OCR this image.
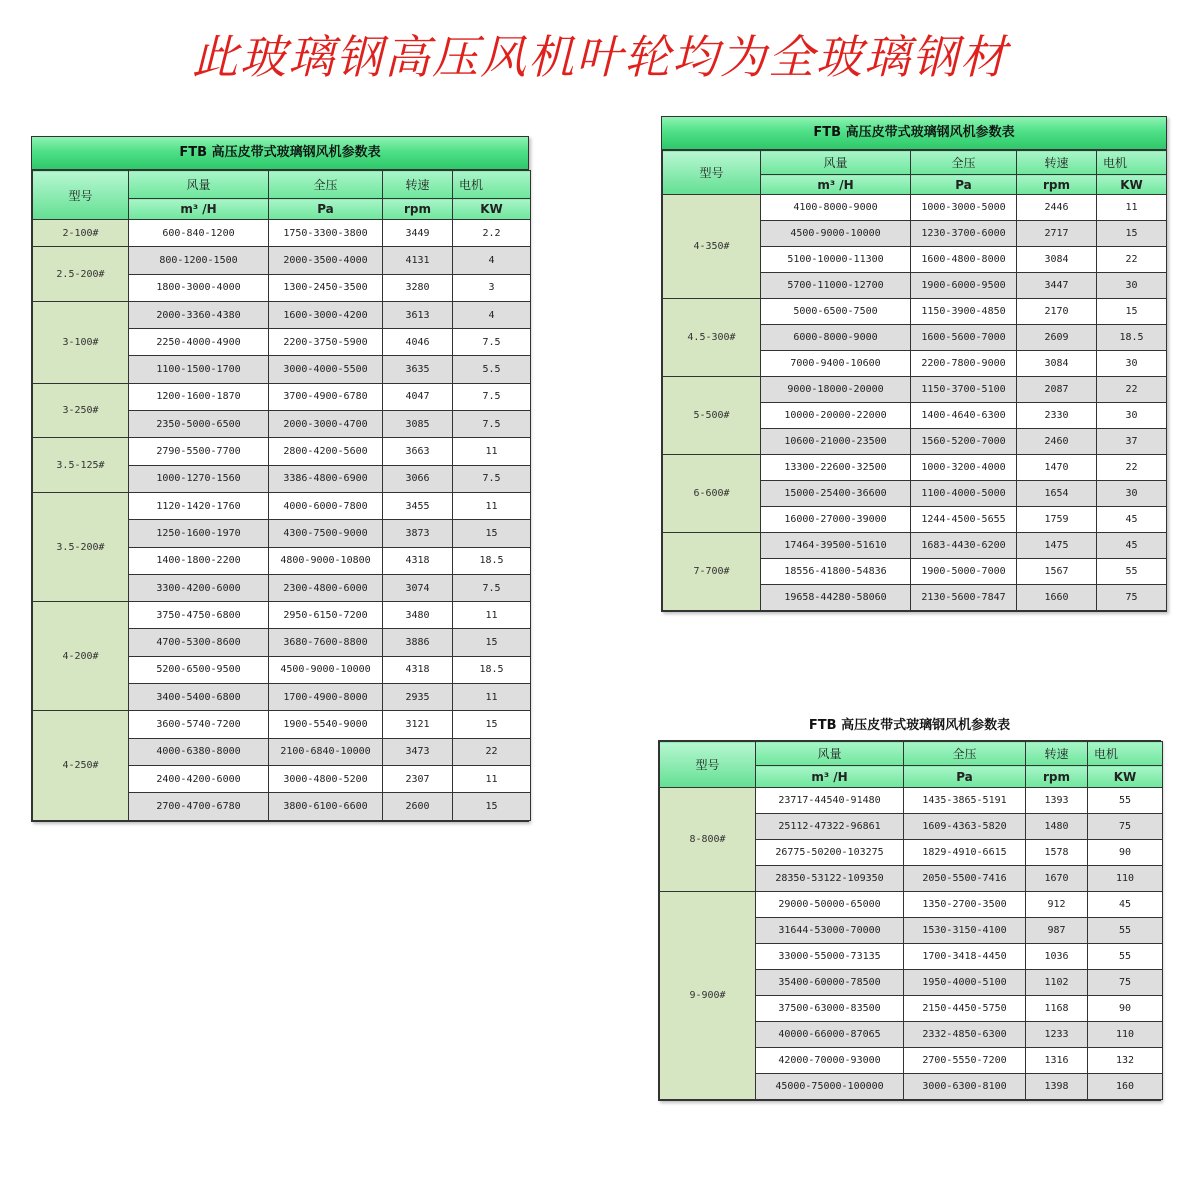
此玻璃钢高压风机叶轮均为全玻璃钢材
FTB 高压皮带式玻璃钢风机参数表
型号	风量	全压	转速	电机
	m³ /H	Pa	rpm	KW
2-100#	600-840-1200	1750-3300-3800	3449	2.2
2.5-200#	800-1200-1500	2000-3500-4000	4131	4
	1800-3000-4000	1300-2450-3500	3280	3
3-100#	2000-3360-4380	1600-3000-4200	3613	4
	2250-4000-4900	2200-3750-5900	4046	7.5
	1100-1500-1700	3000-4000-5500	3635	5.5
3-250#	1200-1600-1870	3700-4900-6780	4047	7.5
	2350-5000-6500	2000-3000-4700	3085	7.5
3.5-125#	2790-5500-7700	2800-4200-5600	3663	11
	1000-1270-1560	3386-4800-6900	3066	7.5
3.5-200#	1120-1420-1760	4000-6000-7800	3455	11
	1250-1600-1970	4300-7500-9000	3873	15
	1400-1800-2200	4800-9000-10800	4318	18.5
	3300-4200-6000	2300-4800-6000	3074	7.5
4-200#	3750-4750-6800	2950-6150-7200	3480	11
	4700-5300-8600	3680-7600-8800	3886	15
	5200-6500-9500	4500-9000-10000	4318	18.5
	3400-5400-6800	1700-4900-8000	2935	11
4-250#	3600-5740-7200	1900-5540-9000	3121	15
	4000-6380-8000	2100-6840-10000	3473	22
	2400-4200-6000	3000-4800-5200	2307	11
	2700-4700-6780	3800-6100-6600	2600	15
FTB 高压皮带式玻璃钢风机参数表
型号	风量	全压	转速	电机
	m³ /H	Pa	rpm	KW
4-350#	4100-8000-9000	1000-3000-5000	2446	11
	4500-9000-10000	1230-3700-6000	2717	15
	5100-10000-11300	1600-4800-8000	3084	22
	5700-11000-12700	1900-6000-9500	3447	30
4.5-300#	5000-6500-7500	1150-3900-4850	2170	15
	6000-8000-9000	1600-5600-7000	2609	18.5
	7000-9400-10600	2200-7800-9000	3084	30
5-500#	9000-18000-20000	1150-3700-5100	2087	22
	10000-20000-22000	1400-4640-6300	2330	30
	10600-21000-23500	1560-5200-7000	2460	37
6-600#	13300-22600-32500	1000-3200-4000	1470	22
	15000-25400-36600	1100-4000-5000	1654	30
	16000-27000-39000	1244-4500-5655	1759	45
7-700#	17464-39500-51610	1683-4430-6200	1475	45
	18556-41800-54836	1900-5000-7000	1567	55
	19658-44280-58060	2130-5600-7847	1660	75
FTB 高压皮带式玻璃钢风机参数表
型号	风量	全压	转速	电机
	m³ /H	Pa	rpm	KW
8-800#	23717-44540-91480	1435-3865-5191	1393	55
	25112-47322-96861	1609-4363-5820	1480	75
	26775-50200-103275	1829-4910-6615	1578	90
	28350-53122-109350	2050-5500-7416	1670	110
9-900#	29000-50000-65000	1350-2700-3500	912	45
	31644-53000-70000	1530-3150-4100	987	55
	33000-55000-73135	1700-3418-4450	1036	55
	35400-60000-78500	1950-4000-5100	1102	75
	37500-63000-83500	2150-4450-5750	1168	90
	40000-66000-87065	2332-4850-6300	1233	110
	42000-70000-93000	2700-5550-7200	1316	132
	45000-75000-100000	3000-6300-8100	1398	160
